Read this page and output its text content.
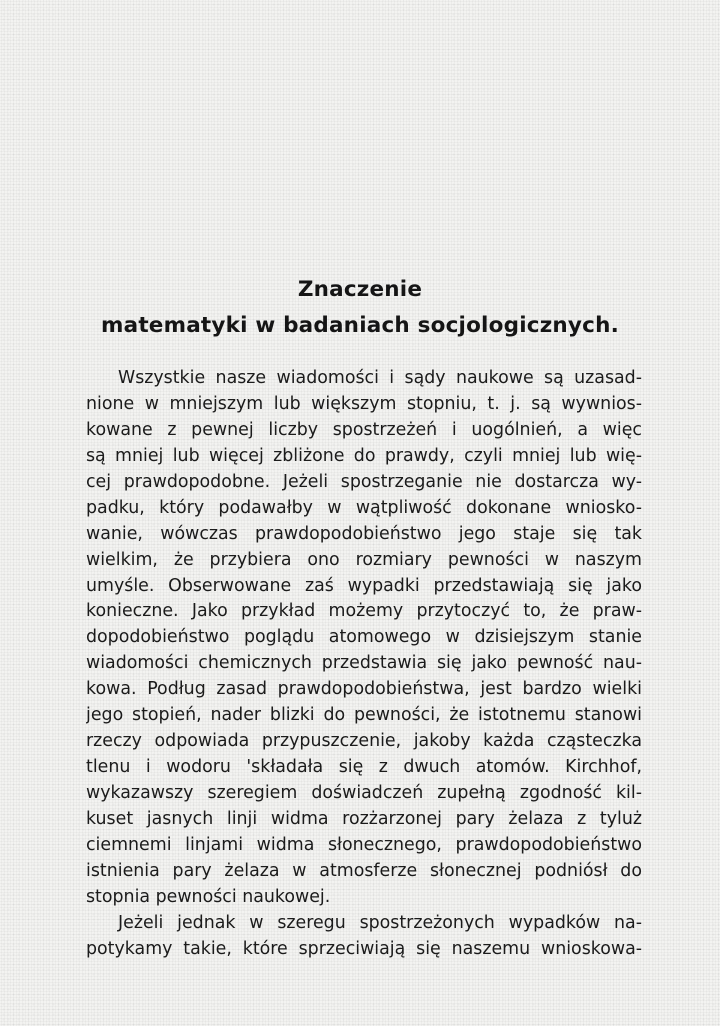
Znaczenie
matematyki w badaniach socjologicznych.
Wszystkie nasze wiadomości i sądy naukowe są uzasad-
nione w mniejszym lub większym stopniu, t. j. są wywnios-
kowane z pewnej liczby spostrzeżeń i uogólnień, a więc
są mniej lub więcej zbliżone do prawdy, czyli mniej lub wię-
cej prawdopodobne. Jeżeli spostrzeganie nie dostarcza wy-
padku, który podawałby w wątpliwość dokonane wniosko-
wanie, wówczas prawdopodobieństwo jego staje się tak
wielkim, że przybiera ono rozmiary pewności w naszym
umyśle. Obserwowane zaś wypadki przedstawiają się jako
konieczne. Jako przykład możemy przytoczyć to, że praw-
dopodobieństwo poglądu atomowego w dzisiejszym stanie
wiadomości chemicznych przedstawia się jako pewność nau-
kowa. Podług zasad prawdopodobieństwa, jest bardzo wielki
jego stopień, nader blizki do pewności, że istotnemu stanowi
rzeczy odpowiada przypuszczenie, jakoby każda cząsteczka
tlenu i wodoru 'składała się z dwuch atomów. Kirchhof,
wykazawszy szeregiem doświadczeń zupełną zgodność kil-
kuset jasnych linji widma rozżarzonej pary żelaza z tyluż
ciemnemi linjami widma słonecznego, prawdopodobieństwo
istnienia pary żelaza w atmosferze słonecznej podniósł do
stopnia pewności naukowej.
Jeżeli jednak w szeregu spostrzeżonych wypadków na-
potykamy takie, które sprzeciwiają się naszemu wnioskowa-
